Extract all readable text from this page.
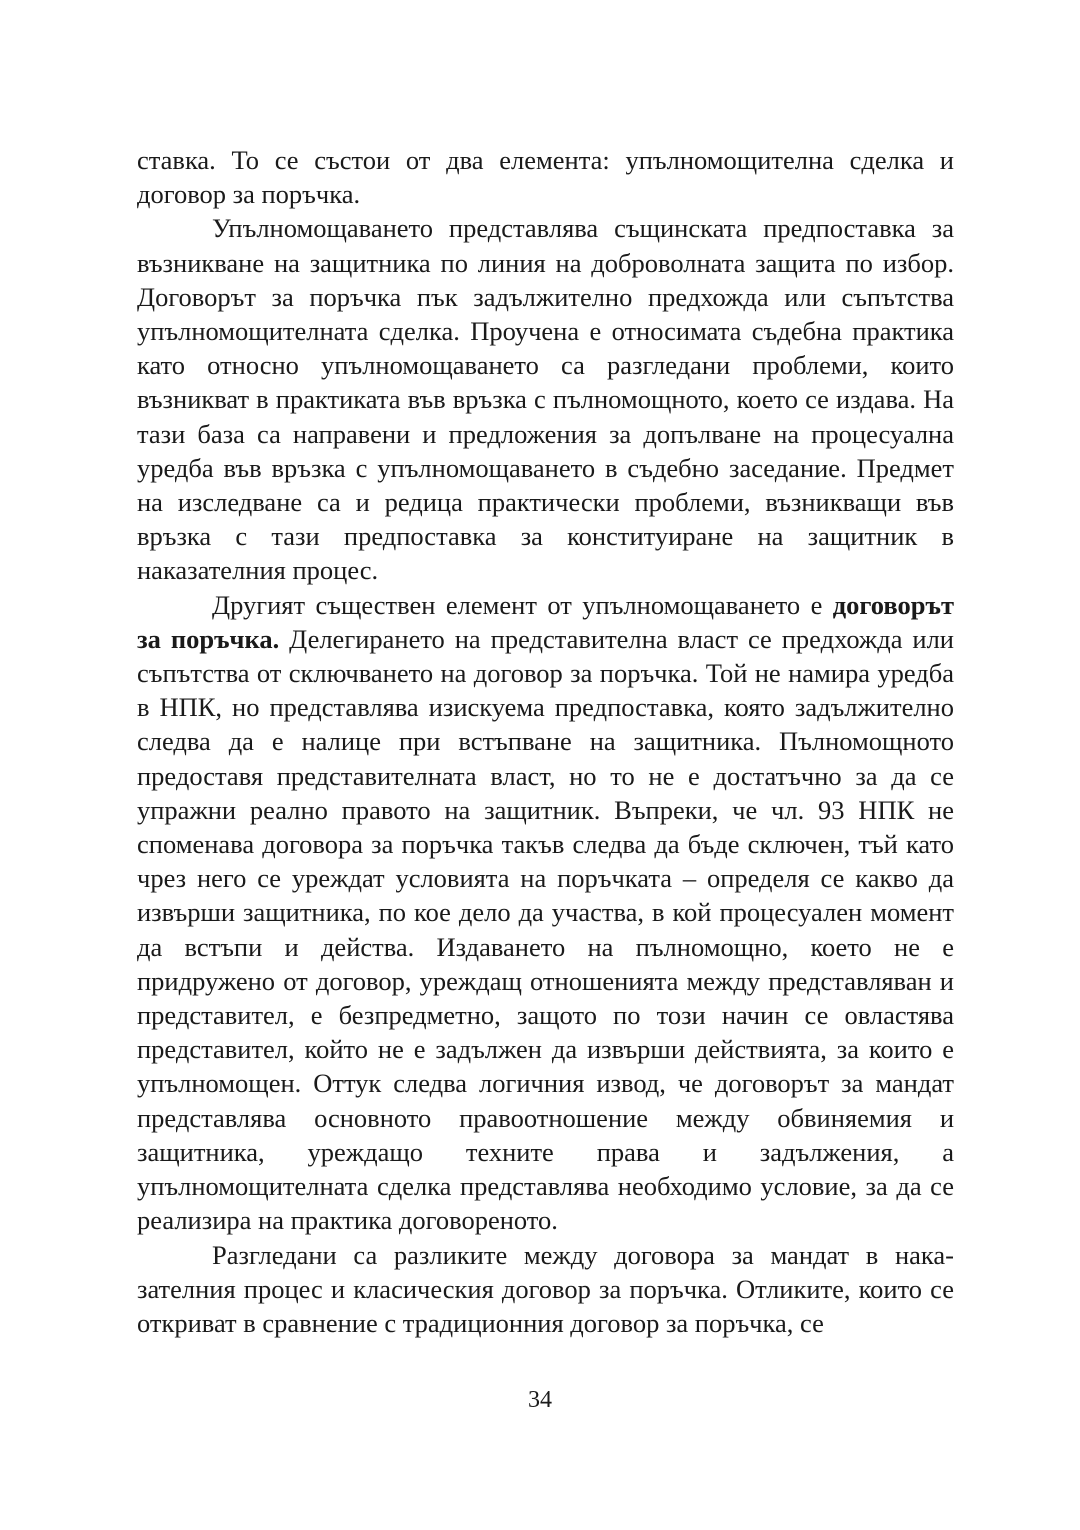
ставка. То се състои от два елемента: упълномощителна сделка и договор за поръчка.

Упълномощаването представлява същинската предпоставка за възникване на защитника по линия на доброволната защита по избор. Договорът за поръчка пък задължително предхожда или съпътства упълномощителната сделка. Проучена е относимата съдебна практика като относно упълномощаването са разгледани проблеми, които възникват в практиката във връзка с пълномощното, което се издава. На тази база са направени и предложения за допълване на процесуална уредба във връзка с упълномощаването в съдебно заседание. Предмет на изследване са и редица практически проблеми, възникващи във връзка с тази предпоставка за конституиране на защитник в наказателния процес.

Другият съществен елемент от упълномощаването е договорът за поръчка. Делегирането на представителна власт се предхожда или съпътства от сключването на договор за поръчка. Той не намира уредба в НПК, но представлява изискуема предпоставка, която задължително следва да е налице при встъпване на защитника. Пълномощното предоставя представителната власт, но то не е достатъчно за да се упражни реално правото на защитник. Въпреки, че чл. 93 НПК не споменава договора за поръчка такъв следва да бъде сключен, тъй като чрез него се уреждат условията на поръчката – определя се какво да извърши защитника, по кое дело да участва, в кой процесуален момент да встъпи и действа. Издаването на пълномощно, което не е придружено от договор, уреждащ отношенията между представляван и представител, е безпредметно, защото по този начин се овластява представител, който не е задължен да извърши действията, за които е упълномощен. Оттук следва логичния извод, че договорът за мандат представлява основното правоотношение между обвиняемия и защитника, уреждащо техните права и задължения, а упълномощителната сделка представлява необходимо условие, за да се реализира на практика договореното.

Разгледани са разликите между договора за мандат в наказателния процес и класическия договор за поръчка. Отликите, които се откриват в сравнение с традиционния договор за поръчка, се

34
